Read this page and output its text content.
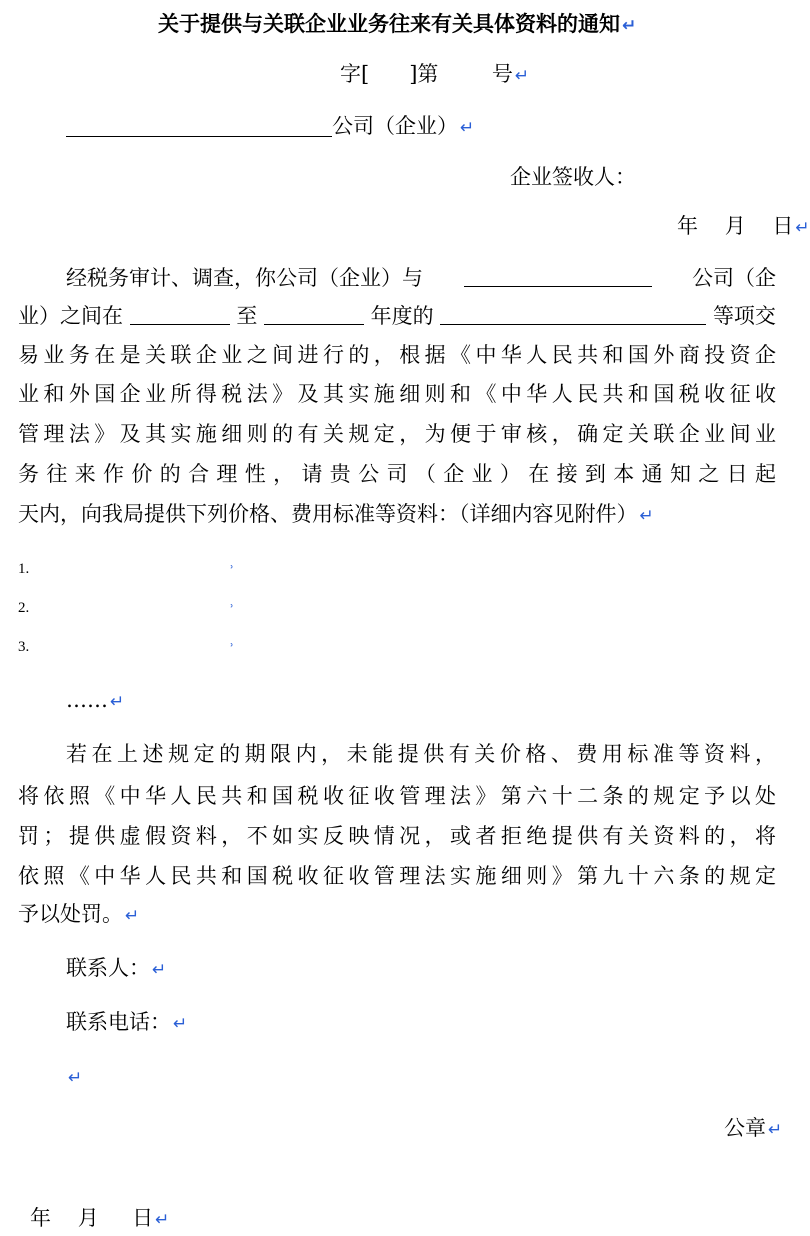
关于提供与关联企业业务往来有关具体资料的通知 ↵
字[      ]第        号 ↵
公司（企业） ↵
企业签收人：
年    月    日 ↵
经税务审计、调查，你公司（企业）与	公司（企
业）之间在	至	年度的	等项交
易业务在是关联企业之间进行的，根据《中华人民共和国外商投资企
业和外国企业所得税法》及其实施细则和《中华人民共和国税收征收
管理法》及其实施细则的有关规定，为便于审核，确定关联企业间业
务往来作价的合理性，请贵公司（企业）在接到本通知之日起
天内，向我局提供下列价格、费用标准等资料：（详细内容见附件） ↵
1.	˒
2.	˒
3.	˒
…… ↵
若在上述规定的期限内，未能提供有关价格、费用标准等资料，
将依照《中华人民共和国税收征收管理法》第六十二条的规定予以处
罚；提供虚假资料，不如实反映情况，或者拒绝提供有关资料的，将
依照《中华人民共和国税收征收管理法实施细则》第九十六条的规定
予以处罚。 ↵
联系人： ↵
联系电话： ↵
↵
公章 ↵
年    月     日 ↵
